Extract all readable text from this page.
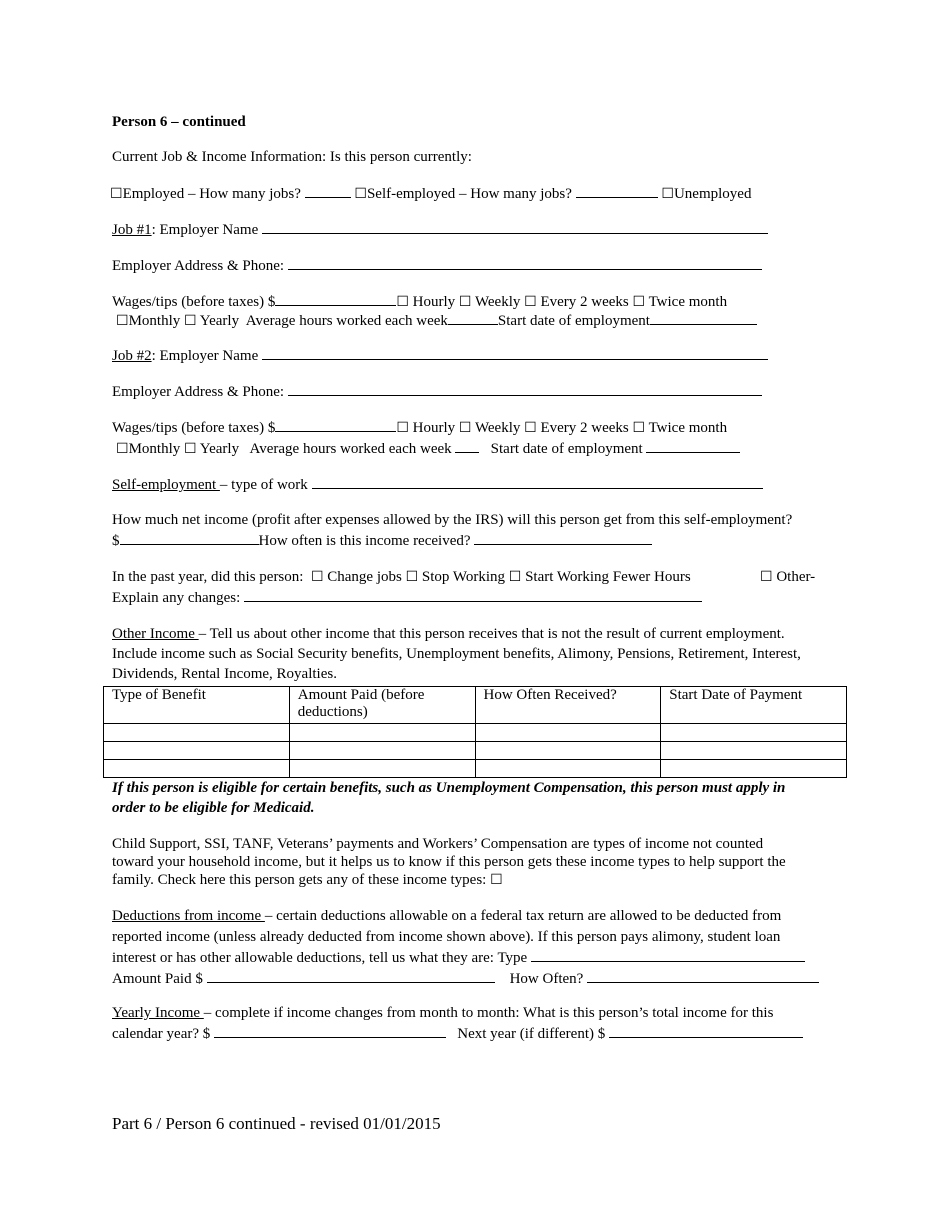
Person 6 – continued
Current Job & Income Information: Is this person currently:
☐Employed – How many jobs?	☐Self-employed – How many jobs?	☐Unemployed
Job #1: Employer Name
Employer Address & Phone:
Wages/tips (before taxes) $	☐ Hourly ☐ Weekly ☐ Every 2 weeks ☐ Twice month
☐Monthly ☐ Yearly Average hours worked each week	Start date of employment
Job #2: Employer Name
Employer Address & Phone:
Wages/tips (before taxes) $	☐ Hourly ☐ Weekly ☐ Every 2 weeks ☐ Twice month
☐Monthly ☐ Yearly Average hours worked each week	Start date of employment
Self-employment – type of work
How much net income (profit after expenses allowed by the IRS) will this person get from this self-employment?
$	How often is this income received?
In the past year, did this person: ☐ Change jobs ☐ Stop Working ☐ Start Working Fewer Hours	☐ Other-
Explain any changes:
Other Income – Tell us about other income that this person receives that is not the result of current employment.
Include income such as Social Security benefits, Unemployment benefits, Alimony, Pensions, Retirement, Interest,
Dividends, Rental Income, Royalties.
Type of Benefit	Amount Paid (before deductions)	How Often Received?	Start Date of Payment

If this person is eligible for certain benefits, such as Unemployment Compensation, this person must apply in
order to be eligible for Medicaid.
Child Support, SSI, TANF, Veterans’ payments and Workers’ Compensation are types of income not counted
toward your household income, but it helps us to know if this person gets these income types to help support the
family. Check here this person gets any of these income types: ☐
Deductions from income – certain deductions allowable on a federal tax return are allowed to be deducted from
reported income (unless already deducted from income shown above). If this person pays alimony, student loan
interest or has other allowable deductions, tell us what they are: Type
Amount Paid $	How Often?
Yearly Income – complete if income changes from month to month: What is this person’s total income for this
calendar year? $	Next year (if different) $
Part 6 / Person 6 continued - revised 01/01/2015
